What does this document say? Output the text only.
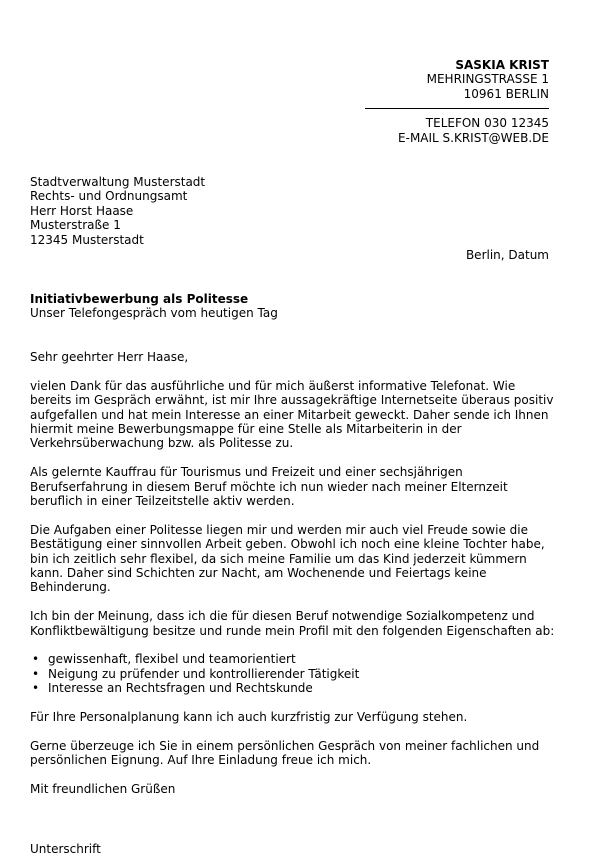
SASKIA KRIST
MEHRINGSTRASSE 1
10961 BERLIN
TELEFON 030 12345
E-MAIL S.KRIST@WEB.DE
Stadtverwaltung Musterstadt
Rechts- und Ordnungsamt
Herr Horst Haase
Musterstraße 1
12345 Musterstadt
Berlin, Datum
Initiativbewerbung als Politesse
Unser Telefongespräch vom heutigen Tag

Sehr geehrter Herr Haase,

vielen Dank für das ausführliche und für mich äußerst informative Telefonat. Wie bereits im Gespräch erwähnt, ist mir Ihre aussagekräftige Internetseite überaus positiv aufgefallen und hat mein Interesse an einer Mitarbeit geweckt. Daher sende ich Ihnen hiermit meine Bewerbungsmappe für eine Stelle als Mitarbeiterin in der Verkehrsüberwachung bzw. als Politesse zu.

Als gelernte Kauffrau für Tourismus und Freizeit und einer sechsjährigen Berufserfahrung in diesem Beruf möchte ich nun wieder nach meiner Elternzeit beruflich in einer Teilzeitstelle aktiv werden.

Die Aufgaben einer Politesse liegen mir und werden mir auch viel Freude sowie die Bestätigung einer sinnvollen Arbeit geben. Obwohl ich noch eine kleine Tochter habe, bin ich zeitlich sehr flexibel, da sich meine Familie um das Kind jederzeit kümmern kann. Daher sind Schichten zur Nacht, am Wochenende und Feiertags keine Behinderung.

Ich bin der Meinung, dass ich die für diesen Beruf notwendige Sozialkompetenz und Konfliktbewältigung besitze und runde mein Profil mit den folgenden Eigenschaften ab:

• gewissenhaft, flexibel und teamorientiert
• Neigung zu prüfender und kontrollierender Tätigkeit
• Interesse an Rechtsfragen und Rechtskunde

Für Ihre Personalplanung kann ich auch kurzfristig zur Verfügung stehen.

Gerne überzeuge ich Sie in einem persönlichen Gespräch von meiner fachlichen und persönlichen Eignung. Auf Ihre Einladung freue ich mich.

Mit freundlichen Grüßen

Unterschrift
